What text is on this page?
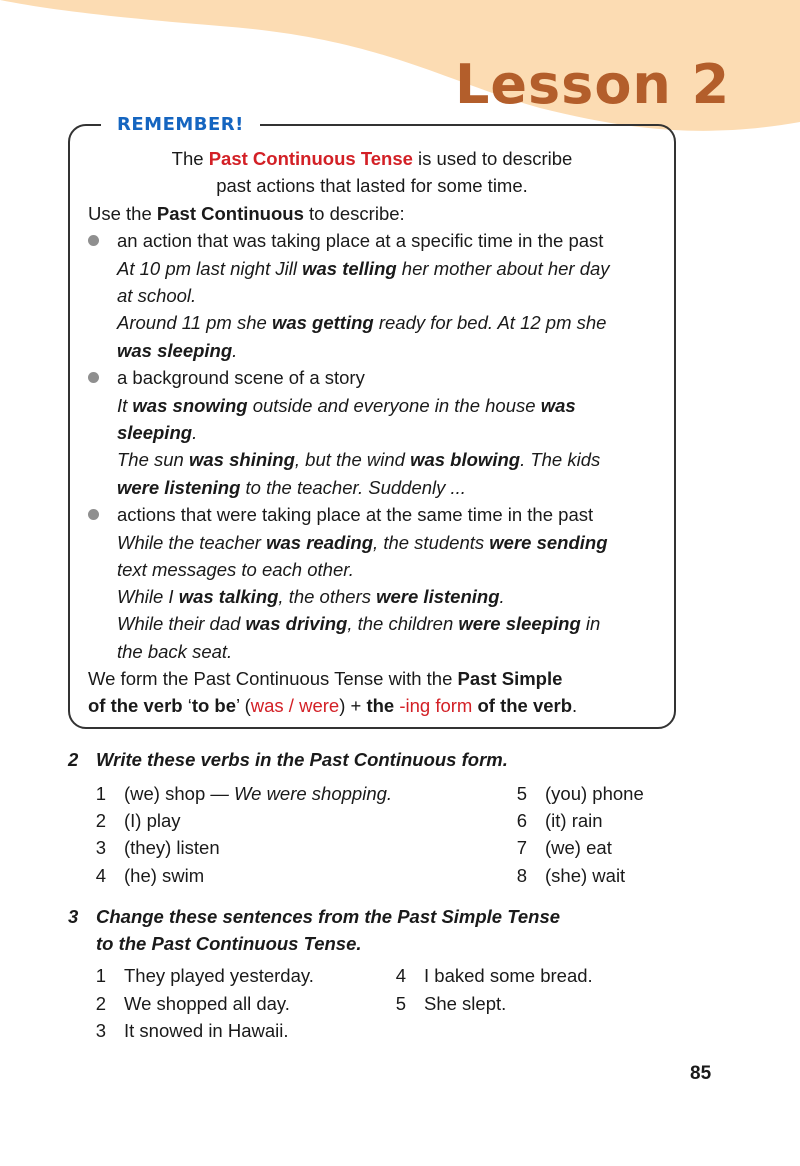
Lesson 2
REMEMBER!
The Past Continuous Tense is used to describe
past actions that lasted for some time.
Use the Past Continuous to describe:
an action that was taking place at a specific time in the past
At 10 pm last night Jill was telling her mother about her day
at school.
Around 11 pm she was getting ready for bed. At 12 pm she
was sleeping.
a background scene of a story
It was snowing outside and everyone in the house was
sleeping.
The sun was shining, but the wind was blowing. The kids
were listening to the teacher. Suddenly ...
actions that were taking place at the same time in the past
While the teacher was reading, the students were sending
text messages to each other.
While I was talking, the others were listening.
While their dad was driving, the children were sleeping in
the back seat.
We form the Past Continuous Tense with the Past Simple
of the verb ‘to be’ (was / were) + the -ing form of the verb.
2 Write these verbs in the Past Continuous form.
1 (we) shop — We were shopping.
2 (I) play
3 (they) listen
4 (he) swim
5 (you) phone
6 (it) rain
7 (we) eat
8 (she) wait
3 Change these sentences from the Past Simple Tense
to the Past Continuous Tense.
1 They played yesterday.
2 We shopped all day.
3 It snowed in Hawaii.
4 I baked some bread.
5 She slept.
85
